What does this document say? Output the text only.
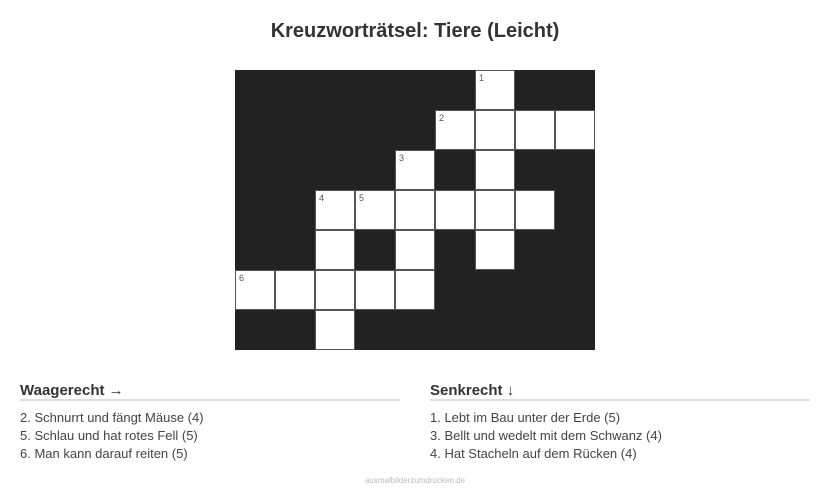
Kreuzworträtsel: Tiere (Leicht)
1
2
3
4	5
6
Waagerecht →
2. Schnurrt und fängt Mäuse (4)
5. Schlau und hat rotes Fell (5)
6. Man kann darauf reiten (5)
Senkrecht ↓
1. Lebt im Bau unter der Erde (5)
3. Bellt und wedelt mit dem Schwanz (4)
4. Hat Stacheln auf dem Rücken (4)
ausmalbilderzumdrucken.de
